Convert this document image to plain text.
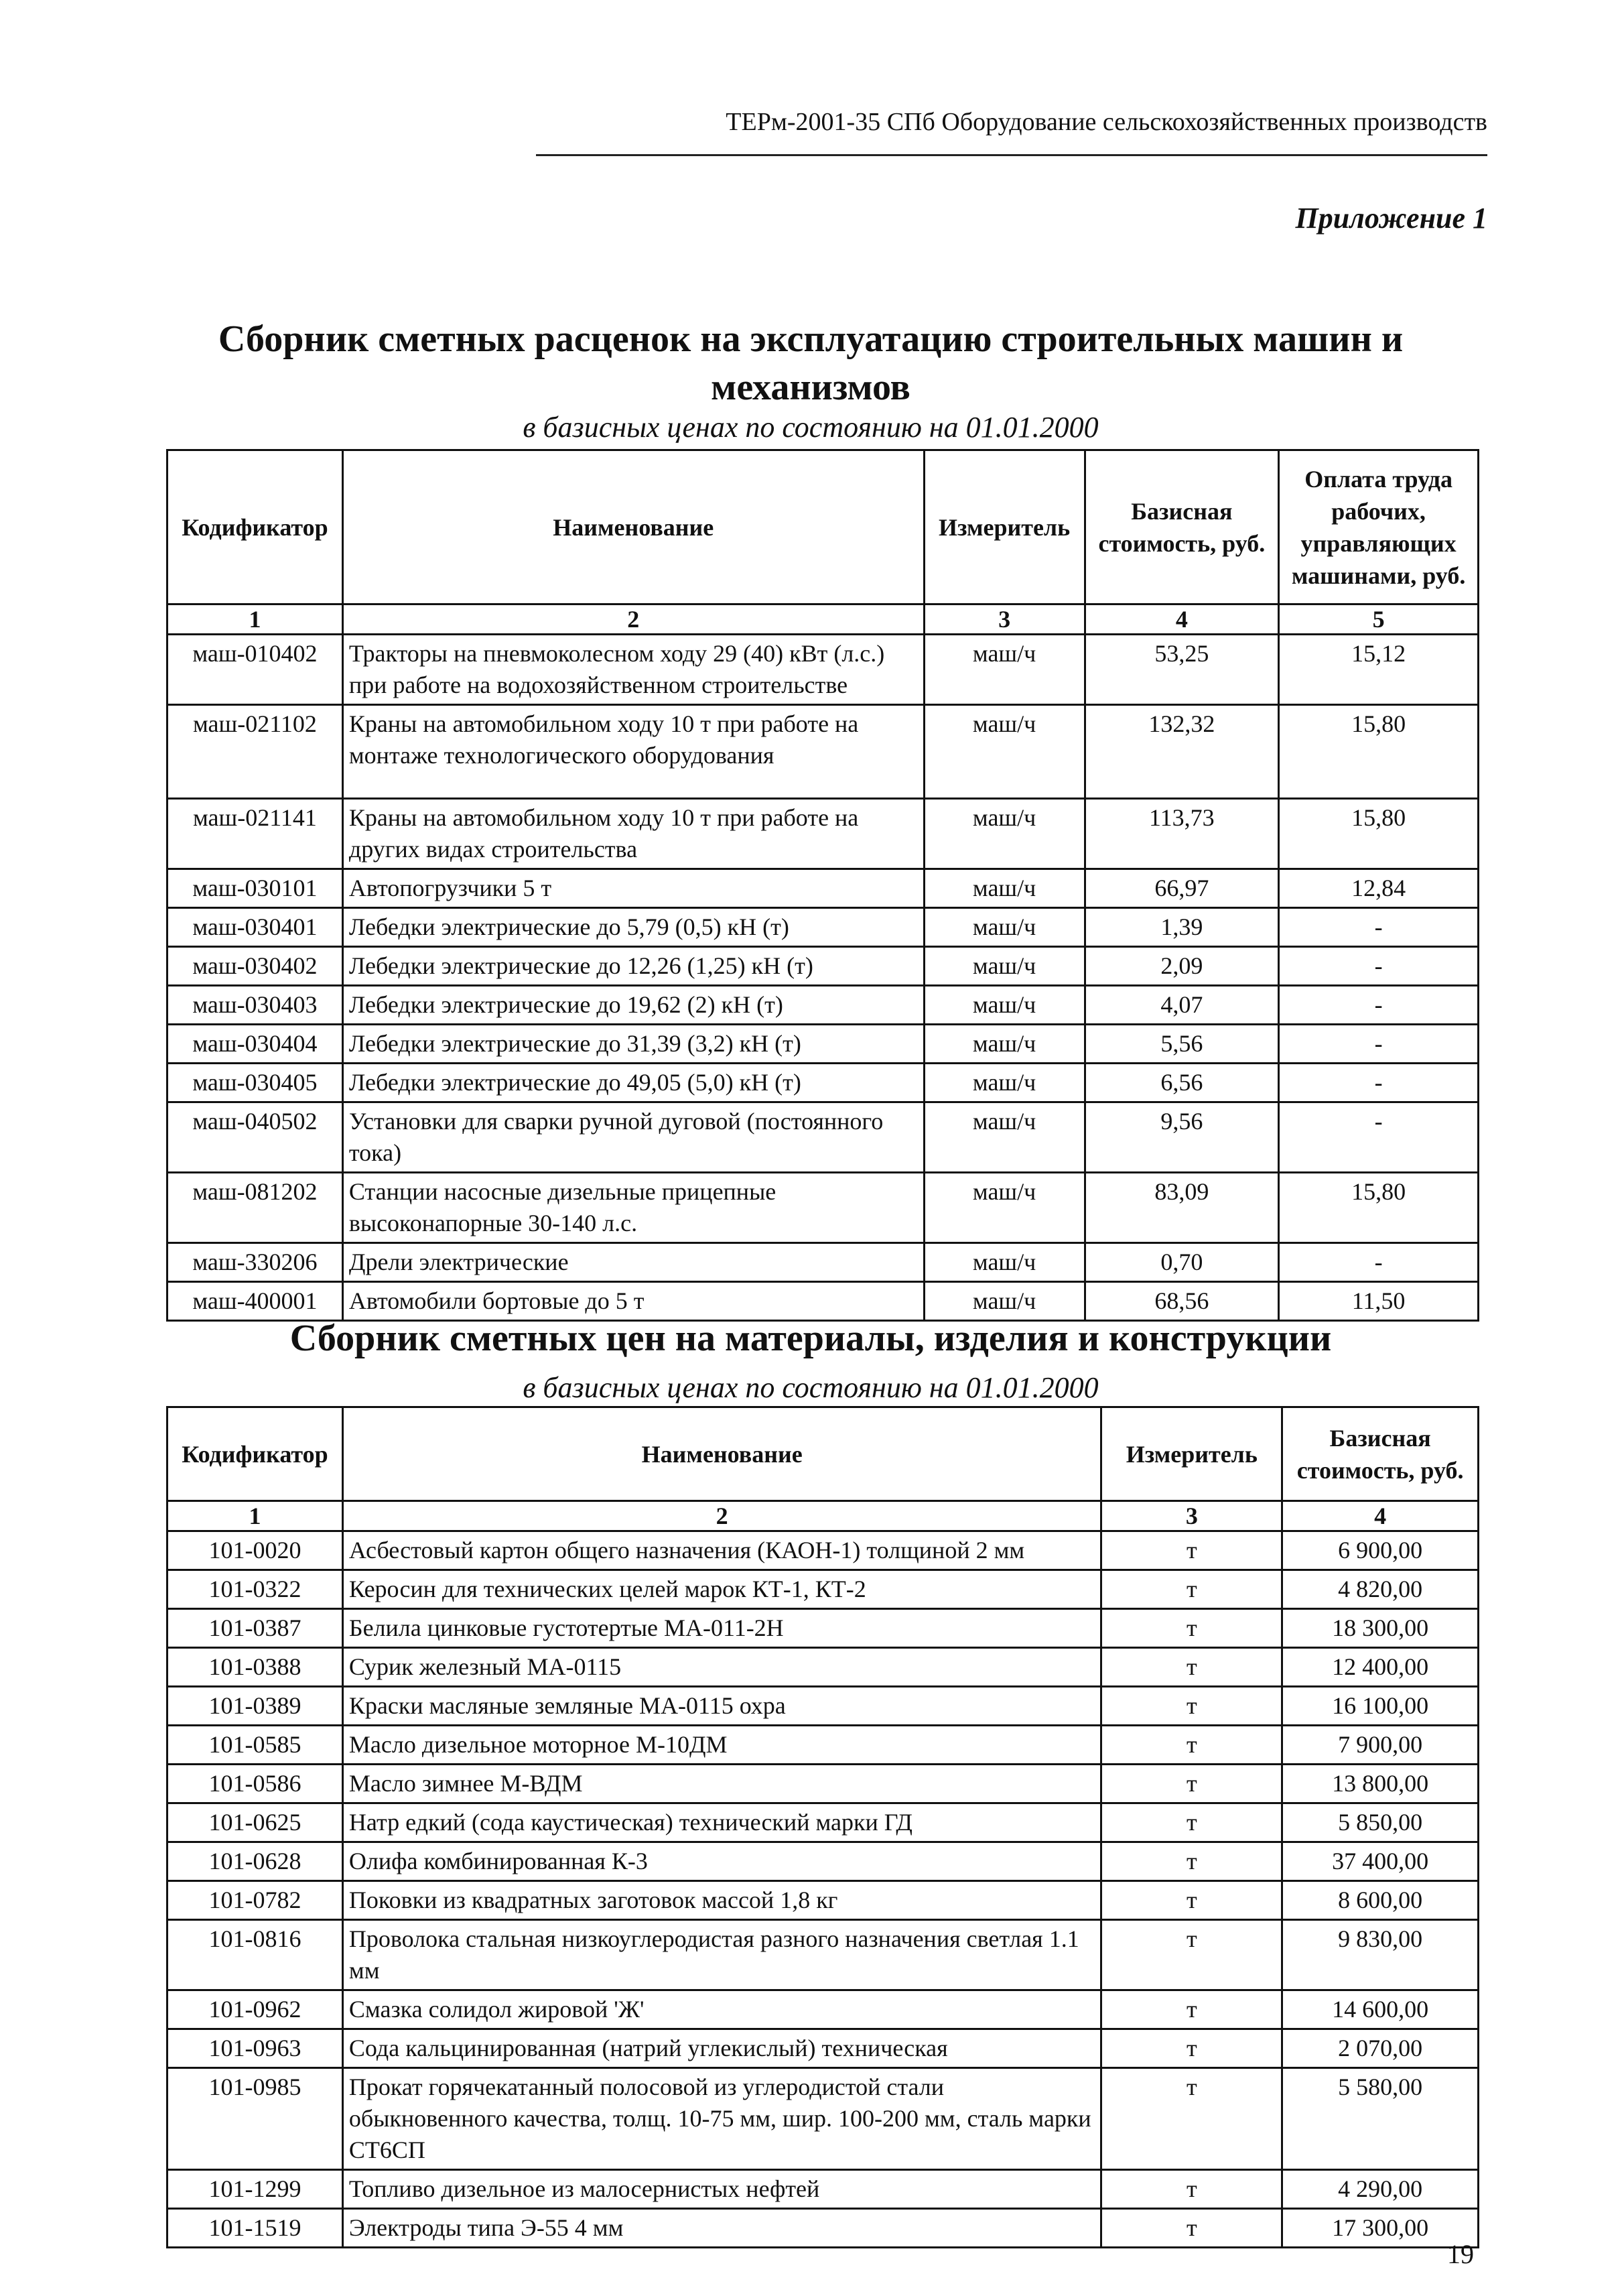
ТЕРм-2001-35 СПб Оборудование сельскохозяйственных производств
Приложение 1
Сборник сметных расценок на эксплуатацию строительных машин и механизмов
в базисных ценах по состоянию на 01.01.2000
Кодификатор	Наименование	Измеритель	Базисная стоимость, руб.	Оплата труда рабочих, управляющих машинами, руб.
1	2	3	4	5
маш-010402	Тракторы на пневмоколесном ходу 29 (40) кВт (л.с.) при работе на водохозяйственном строительстве	маш/ч	53,25	15,12
маш-021102	Краны на автомобильном ходу 10 т при работе на монтаже технологического оборудования	маш/ч	132,32	15,80
маш-021141	Краны на автомобильном ходу 10 т при работе на других видах строительства	маш/ч	113,73	15,80
маш-030101	Автопогрузчики 5 т	маш/ч	66,97	12,84
маш-030401	Лебедки электрические до 5,79 (0,5) кН (т)	маш/ч	1,39	-
маш-030402	Лебедки электрические до 12,26 (1,25) кН (т)	маш/ч	2,09	-
маш-030403	Лебедки электрические до 19,62 (2) кН (т)	маш/ч	4,07	-
маш-030404	Лебедки электрические до 31,39 (3,2) кН (т)	маш/ч	5,56	-
маш-030405	Лебедки электрические до 49,05 (5,0) кН (т)	маш/ч	6,56	-
маш-040502	Установки для сварки ручной дуговой (постоянного тока)	маш/ч	9,56	-
маш-081202	Станции насосные дизельные прицепные высоконапорные 30-140 л.с.	маш/ч	83,09	15,80
маш-330206	Дрели электрические	маш/ч	0,70	-
маш-400001	Автомобили бортовые до 5 т	маш/ч	68,56	11,50
Сборник сметных цен на материалы, изделия и конструкции
в базисных ценах по состоянию на 01.01.2000
Кодификатор	Наименование	Измеритель	Базисная стоимость, руб.
1	2	3	4
101-0020	Асбестовый картон общего назначения (КАОН-1) толщиной 2 мм	т	6 900,00
101-0322	Керосин для технических целей марок КТ-1, КТ-2	т	4 820,00
101-0387	Белила цинковые густотертые МА-011-2Н	т	18 300,00
101-0388	Сурик железный МА-0115	т	12 400,00
101-0389	Краски масляные земляные МА-0115 охра	т	16 100,00
101-0585	Масло дизельное моторное М-10ДМ	т	7 900,00
101-0586	Масло зимнее М-ВДМ	т	13 800,00
101-0625	Натр едкий (сода каустическая) технический марки ГД	т	5 850,00
101-0628	Олифа комбинированная К-3	т	37 400,00
101-0782	Поковки из квадратных заготовок массой 1,8 кг	т	8 600,00
101-0816	Проволока стальная низкоуглеродистая разного назначения светлая 1.1 мм	т	9 830,00
101-0962	Смазка солидол жировой 'Ж'	т	14 600,00
101-0963	Сода кальцинированная (натрий углекислый) техническая	т	2 070,00
101-0985	Прокат горячекатанный полосовой из углеродистой стали обыкновенного качества, толщ. 10-75 мм, шир. 100-200 мм, сталь марки СТ6СП	т	5 580,00
101-1299	Топливо дизельное из малосернистых нефтей	т	4 290,00
101-1519	Электроды типа Э-55 4 мм	т	17 300,00
19
